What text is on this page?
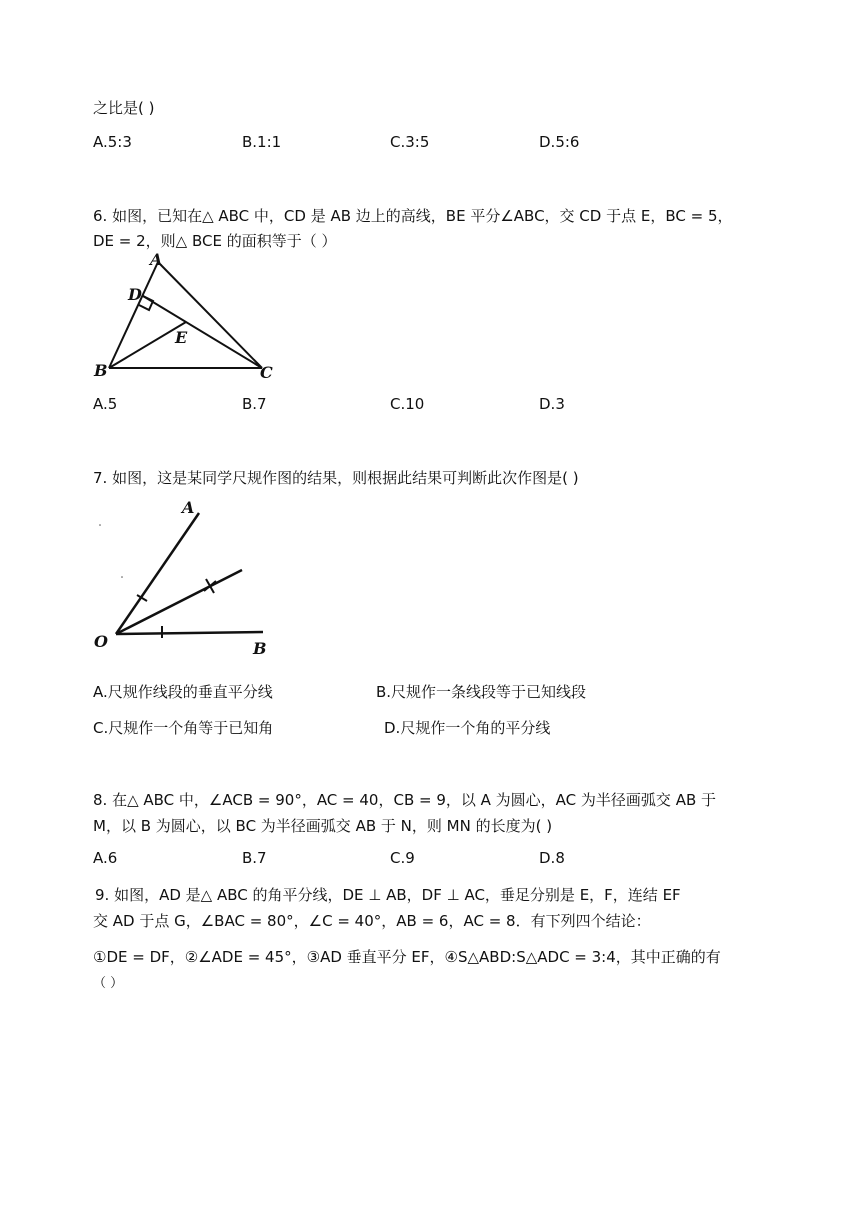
之比是( )
A.5:3	B.1:1	C.3:5	D.5:6
6. 如图，已知在△ ABC 中，CD 是 AB 边上的高线，BE 平分∠ABC，交 CD 于点 E，BC = 5，
DE = 2，则△ BCE 的面积等于（ ）
A
D
E
B	C
A.5	B.7	C.10	D.3
7. 如图，这是某同学尺规作图的结果，则根据此结果可判断此次作图是( )
A
O	B
A.尺规作线段的垂直平分线	B.尺规作一条线段等于已知线段
C.尺规作一个角等于已知角	D.尺规作一个角的平分线
8. 在△ ABC 中，∠ACB = 90°，AC = 40，CB = 9，以 A 为圆心，AC 为半径画弧交 AB 于
M，以 B 为圆心，以 BC 为半径画弧交 AB 于 N，则 MN 的长度为( )
A.6	B.7	C.9	D.8
9. 如图，AD 是△ ABC 的角平分线，DE ⊥ AB，DF ⊥ AC，垂足分别是 E，F，连结 EF
交 AD 于点 G，∠BAC = 80°，∠C = 40°，AB = 6，AC = 8．有下列四个结论：
①DE = DF，②∠ADE = 45°，③AD 垂直平分 EF，④S△ABD:S△ADC = 3:4，其中正确的有
（ ）
